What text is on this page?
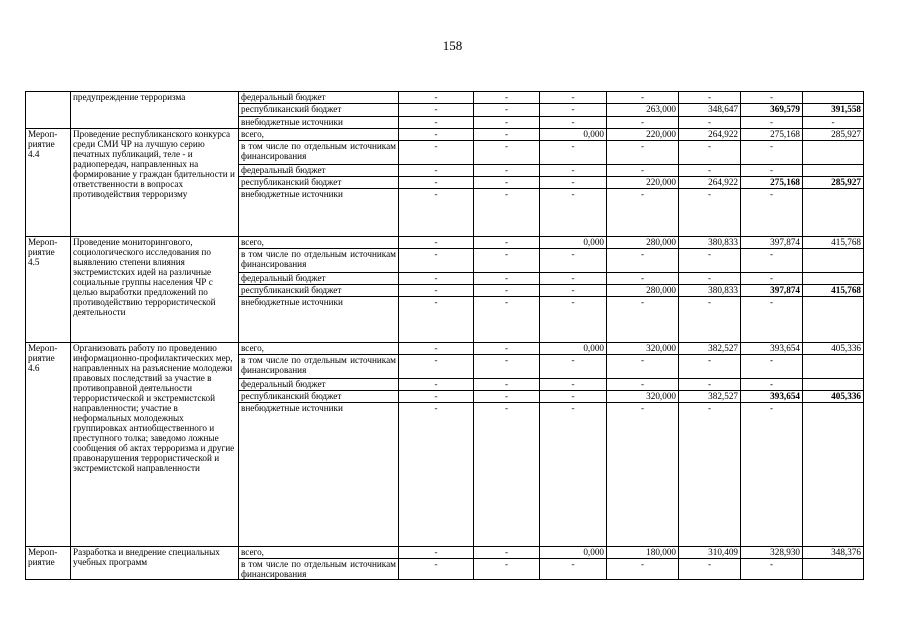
158
	предупреждение терроризма	федеральный бюджет	-	-	-	-	-	-	
		республиканский бюджет	-	-	-	263,000	348,647	369,579	391,558
		внебюджетные источники	-	-	-	-	-	-	-
Мероприятие 4.4	Проведение республиканского конкурса среди СМИ ЧР на лучшую серию печатных публикаций, теле - и радиопередач, направленных на формирование у граждан бдительности и ответственности в вопросах противодействия терроризму	всего,	-	-	0,000	220,000	264,922	275,168	285,927
		в том числе по отдельным источникам финансирования	-	-	-	-	-	-	
		федеральный бюджет	-	-	-	-	-	-	
		республиканский бюджет	-	-	-	220,000	264,922	275,168	285,927
		внебюджетные источники	-	-	-	-	-	-	
Мероприятие 4.5	Проведение мониторингового, социологического исследования по выявлению степени влияния экстремистских идей на различные социальные группы населения ЧР с целью выработки предложений по противодействию террористической деятельности	всего,	-	-	0,000	280,000	380,833	397,874	415,768
		в том числе по отдельным источникам финансирования	-	-	-	-	-	-	
		федеральный бюджет	-	-	-	-	-	-	
		республиканский бюджет	-	-	-	280,000	380,833	397,874	415,768
		внебюджетные источники	-	-	-	-	-	-	
Мероприятие 4.6	Организовать работу по проведению информационно-профилактических мер, направленных на разъяснение молодежи правовых последствий за участие в противоправной деятельности террористической и экстремистской направленности; участие в неформальных молодежных группировках антиобщественного и преступного толка; заведомо ложные сообщения об актах терроризма и другие правонарушения террористической и экстремистской направленности	всего,	-	-	0,000	320,000	382,527	393,654	405,336
		в том числе по отдельным источникам финансирования	-	-	-	-	-	-	
		федеральный бюджет	-	-	-	-	-	-	
		республиканский бюджет	-	-	-	320,000	382,527	393,654	405,336
		внебюджетные источники	-	-	-	-	-	-	
Мероприятие	Разработка и внедрение специальных учебных программ	всего,	-	-	0,000	180,000	310,409	328,930	348,376
		в том числе по отдельным источникам финансирования	-	-	-	-	-	-	
